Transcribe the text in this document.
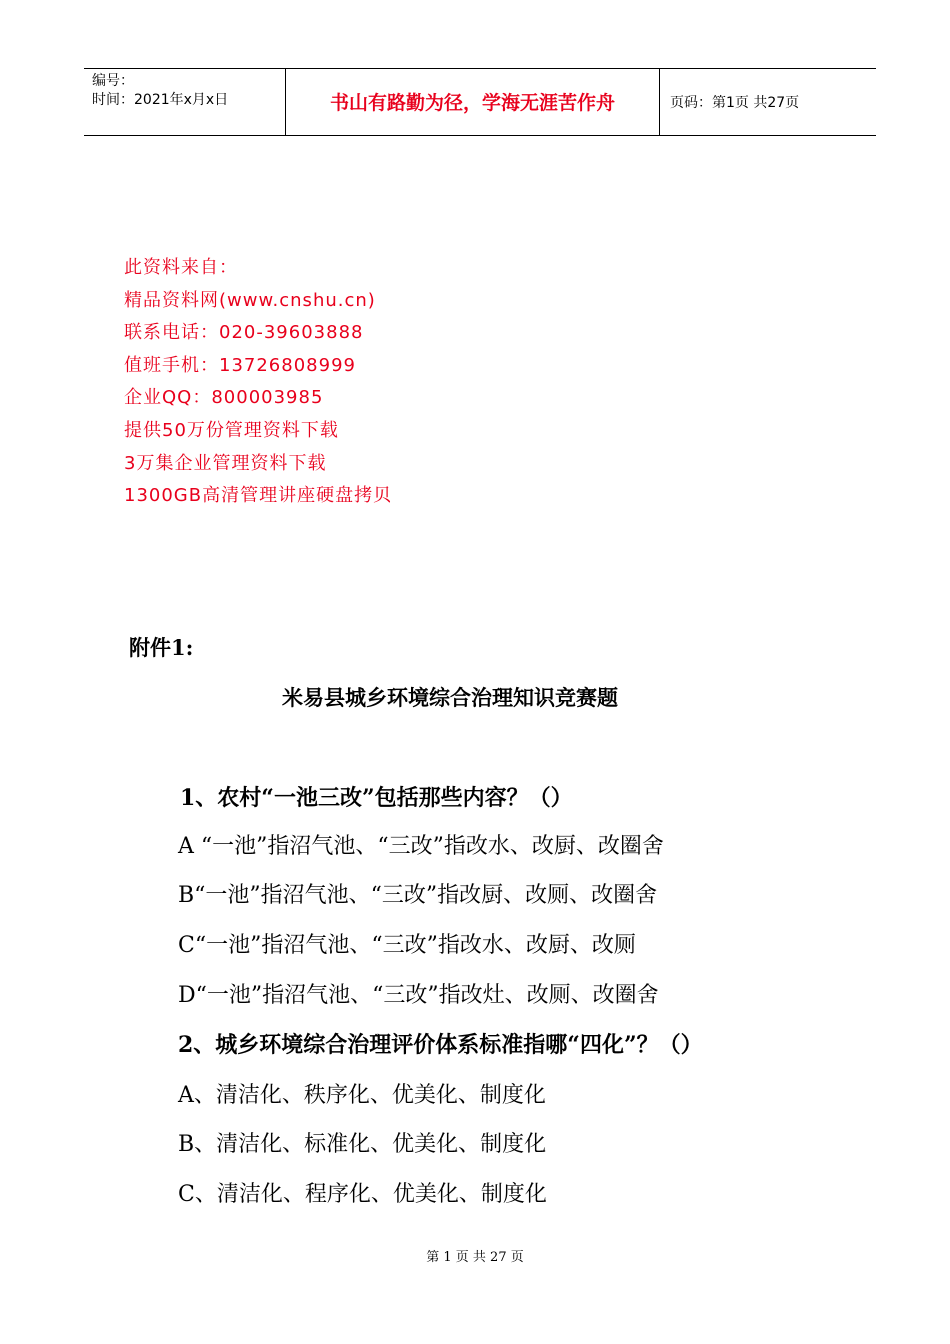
编号：
时间：2021年x月x日	书山有路勤为径，学海无涯苦作舟	页码：第1页 共27页
此资料来自：
精品资料网(www.cnshu.cn)
联系电话：020-39603888
值班手机：13726808999
企业QQ：800003985
提供50万份管理资料下载
3万集企业管理资料下载
1300GB高清管理讲座硬盘拷贝
附件1:
米易县城乡环境综合治理知识竞赛题
1、农村“一池三改”包括那些内容？（）
A “一池”指沼气池、“三改”指改水、改厨、改圈舍
B“一池”指沼气池、“三改”指改厨、改厕、改圈舍
C“一池”指沼气池、“三改”指改水、改厨、改厕
D“一池”指沼气池、“三改”指改灶、改厕、改圈舍
2、城乡环境综合治理评价体系标准指哪“四化”？（）
A、清洁化、秩序化、优美化、制度化
B、清洁化、标准化、优美化、制度化
C、清洁化、程序化、优美化、制度化
第 1 页 共 27 页
